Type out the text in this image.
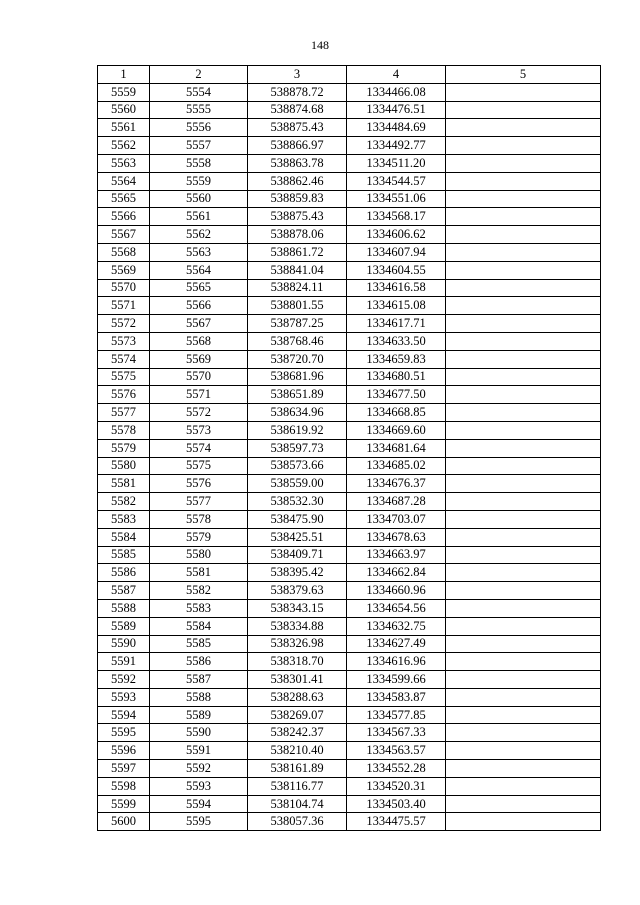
148
1	2	3	4	5
5559	5554	538878.72	1334466.08	
5560	5555	538874.68	1334476.51	
5561	5556	538875.43	1334484.69	
5562	5557	538866.97	1334492.77	
5563	5558	538863.78	1334511.20	
5564	5559	538862.46	1334544.57	
5565	5560	538859.83	1334551.06	
5566	5561	538875.43	1334568.17	
5567	5562	538878.06	1334606.62	
5568	5563	538861.72	1334607.94	
5569	5564	538841.04	1334604.55	
5570	5565	538824.11	1334616.58	
5571	5566	538801.55	1334615.08	
5572	5567	538787.25	1334617.71	
5573	5568	538768.46	1334633.50	
5574	5569	538720.70	1334659.83	
5575	5570	538681.96	1334680.51	
5576	5571	538651.89	1334677.50	
5577	5572	538634.96	1334668.85	
5578	5573	538619.92	1334669.60	
5579	5574	538597.73	1334681.64	
5580	5575	538573.66	1334685.02	
5581	5576	538559.00	1334676.37	
5582	5577	538532.30	1334687.28	
5583	5578	538475.90	1334703.07	
5584	5579	538425.51	1334678.63	
5585	5580	538409.71	1334663.97	
5586	5581	538395.42	1334662.84	
5587	5582	538379.63	1334660.96	
5588	5583	538343.15	1334654.56	
5589	5584	538334.88	1334632.75	
5590	5585	538326.98	1334627.49	
5591	5586	538318.70	1334616.96	
5592	5587	538301.41	1334599.66	
5593	5588	538288.63	1334583.87	
5594	5589	538269.07	1334577.85	
5595	5590	538242.37	1334567.33	
5596	5591	538210.40	1334563.57	
5597	5592	538161.89	1334552.28	
5598	5593	538116.77	1334520.31	
5599	5594	538104.74	1334503.40	
5600	5595	538057.36	1334475.57	
